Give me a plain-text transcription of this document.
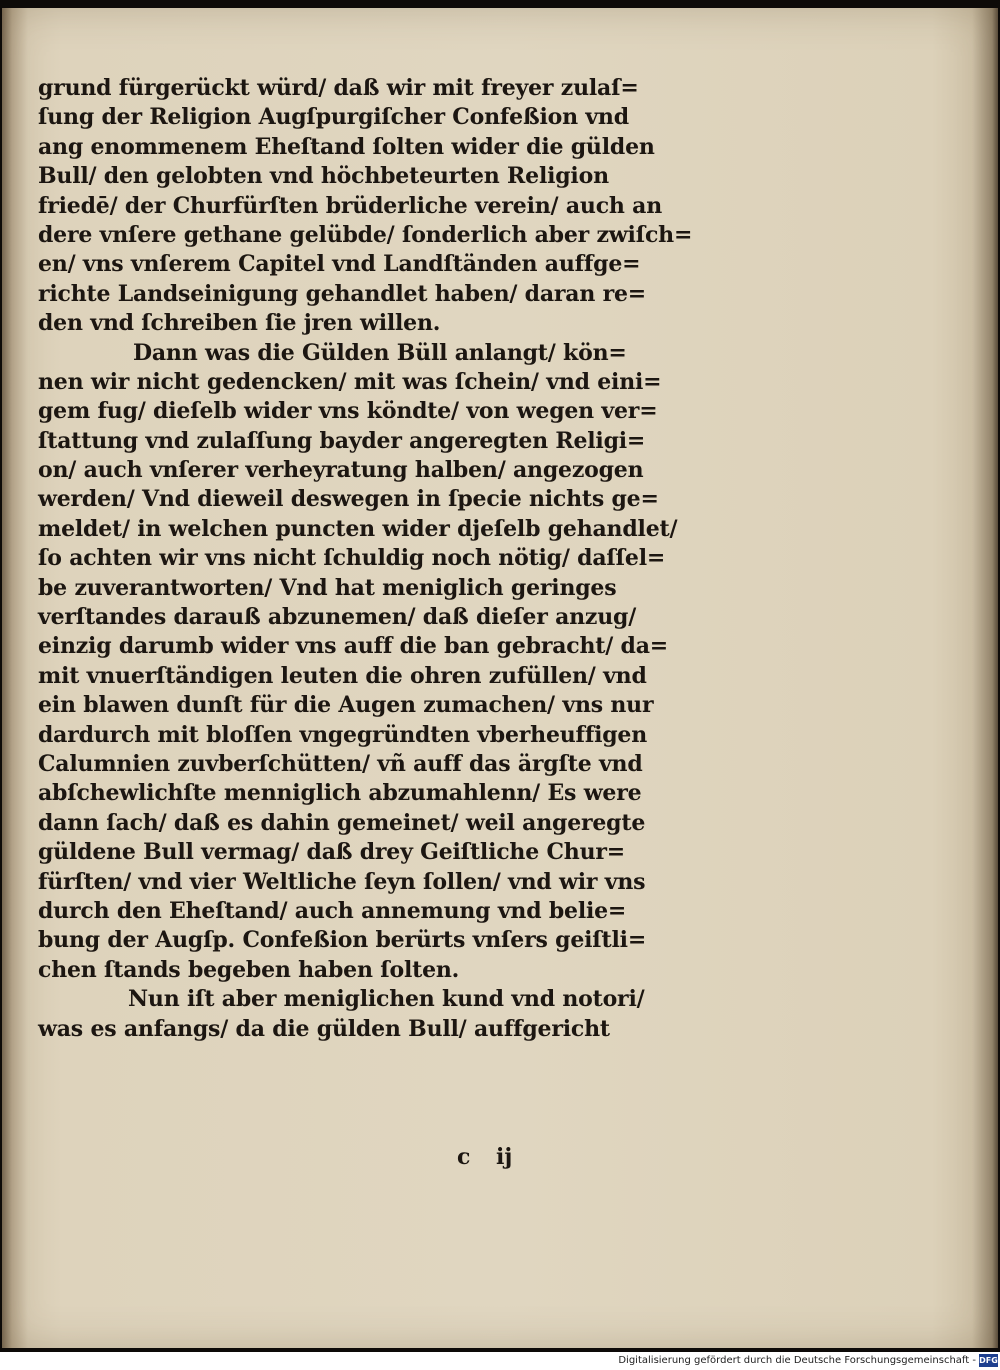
grund fürgerückt würd/ daß wir mit freyer zulaſ=
ſung der Religion Augſpurgiſcher Confeßion vnd
ang enommenem Eheſtand ſolten wider die gülden
Bull/ den gelobten vnd höchbeteurten Religion
friedē/ der Churfürſten brüderliche verein/ auch an
dere vnſere gethane gelübde/ ſonderlich aber zwiſch=
en/ vns vnſerem Capitel vnd Landſtänden auffge=
richte Landseinigung gehandlet haben/ daran re=
den vnd ſchreiben ſie jren willen.
Dann was die Gülden Büll anlangt/ kön=
nen wir nicht gedencken/ mit was ſchein/ vnd eini=
gem fug/ dieſelb wider vns köndte/ von wegen ver=
ſtattung vnd zulaſſung bayder angeregten Religi=
on/ auch vnſerer verheyratung halben/ angezogen
werden/ Vnd dieweil deswegen in ſpecie nichts ge=
meldet/ in welchen puncten wider djeſelb gehandlet/
ſo achten wir vns nicht ſchuldig noch nötig/ daſſel=
be zuverantworten/ Vnd hat meniglich geringes
verſtandes darauß abzunemen/ daß dieſer anzug/
einzig darumb wider vns auff die ban gebracht/ da=
mit vnuerſtändigen leuten die ohren zufüllen/ vnd
ein blawen dunſt für die Augen zumachen/ vns nur
dardurch mit bloſſen vngegründten vberheuffigen
Calumnien zuvberſchütten/ vñ auff das ärgſte vnd
abſchewlichſte menniglich abzumahlenn/ Es were
dann ſach/ daß es dahin gemeinet/ weil angeregte
güldene Bull vermag/ daß drey Geiſtliche Chur=
fürſten/ vnd vier Weltliche ſeyn ſollen/ vnd wir vns
durch den Eheſtand/ auch annemung vnd belie=
bung der Augſp. Confeßion berürts vnſers geiſtli=
chen ſtands begeben haben ſolten.
Nun iſt aber meniglichen kund vnd notori/
was es anfangs/ da die gülden Bull/ auffgericht
c ij
Digitalisierung gefördert durch die Deutsche Forschungsgemeinschaft - DFG
